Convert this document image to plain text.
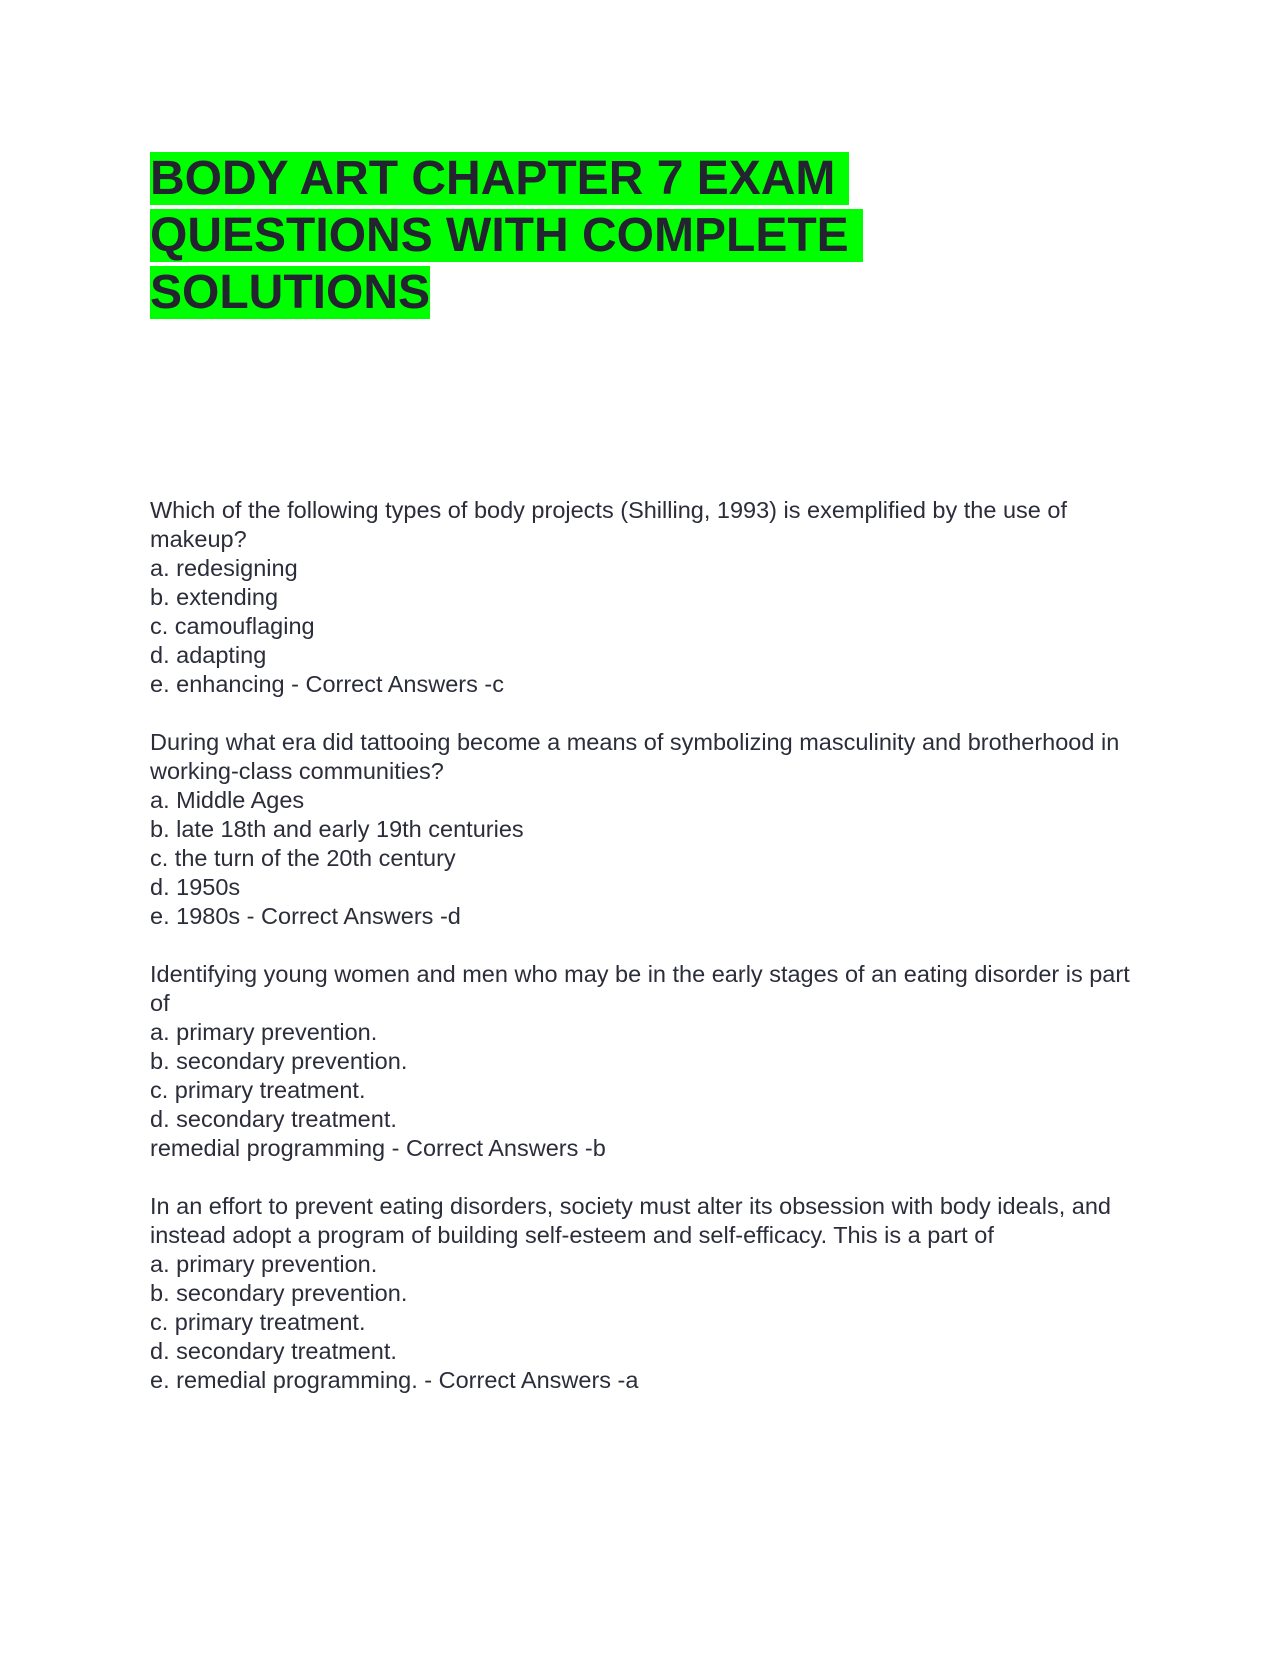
BODY ART CHAPTER 7 EXAM
QUESTIONS WITH COMPLETE
SOLUTIONS
Which of the following types of body projects (Shilling, 1993) is exemplified by the use of makeup?
a. redesigning
b. extending
c. camouflaging
d. adapting
e. enhancing - Correct Answers -c
During what era did tattooing become a means of symbolizing masculinity and brotherhood in working-class communities?
a. Middle Ages
b. late 18th and early 19th centuries
c. the turn of the 20th century
d. 1950s
e. 1980s - Correct Answers -d
Identifying young women and men who may be in the early stages of an eating disorder is part of
a. primary prevention.
b. secondary prevention.
c. primary treatment.
d. secondary treatment.
remedial programming - Correct Answers -b
In an effort to prevent eating disorders, society must alter its obsession with body ideals, and instead adopt a program of building self-esteem and self-efficacy. This is a part of
a. primary prevention.
b. secondary prevention.
c. primary treatment.
d. secondary treatment.
e. remedial programming. - Correct Answers -a
